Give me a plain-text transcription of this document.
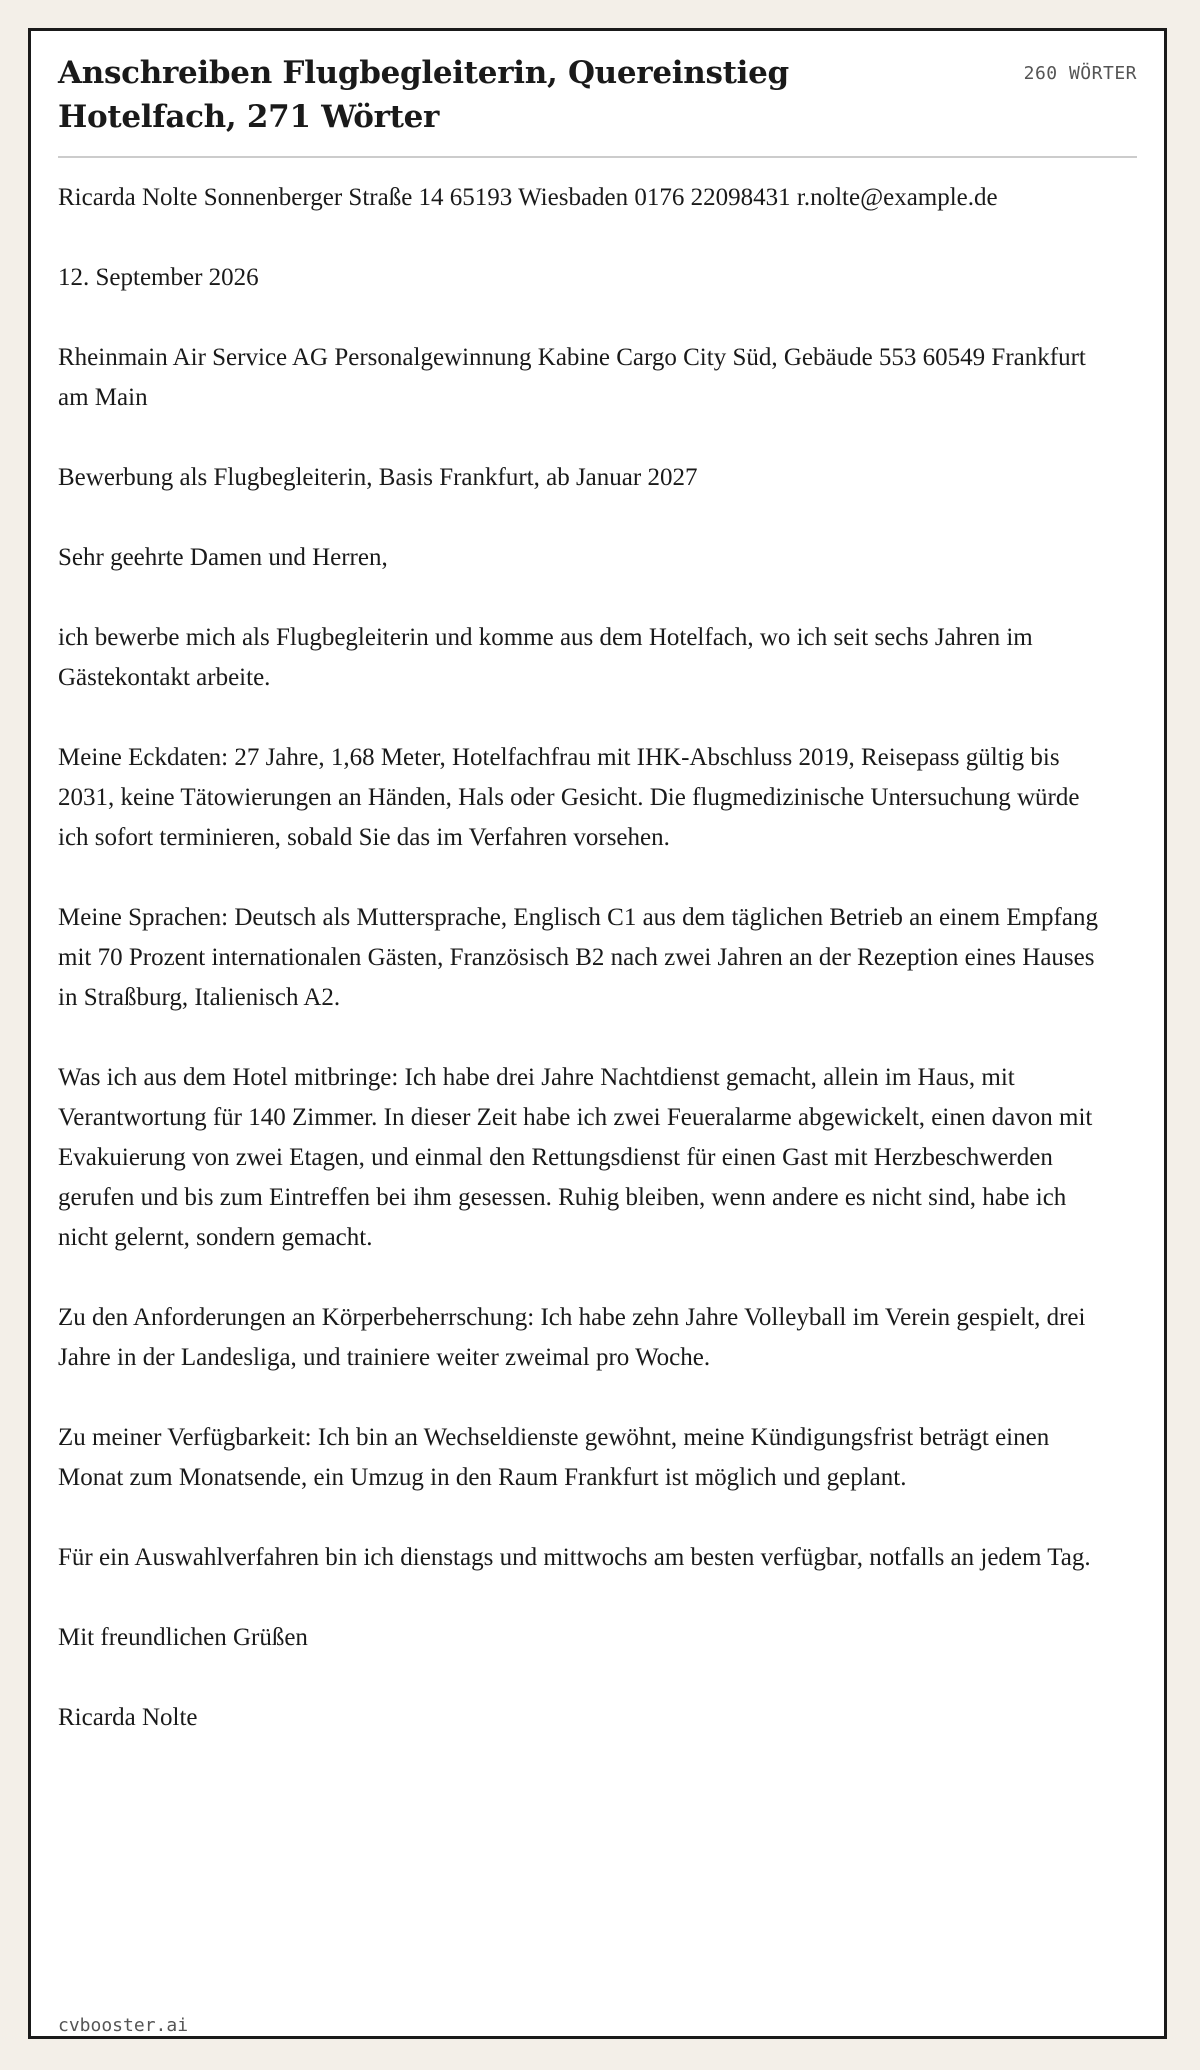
Anschreiben Flugbegleiterin, Quereinstieg Hotelfach, 271 Wörter
260 WÖRTER

Ricarda Nolte Sonnenberger Straße 14 65193 Wiesbaden 0176 22098431 r.nolte@example.de

12. September 2026

Rheinmain Air Service AG Personalgewinnung Kabine Cargo City Süd, Gebäude 553 60549 Frankfurt am Main

Bewerbung als Flugbegleiterin, Basis Frankfurt, ab Januar 2027

Sehr geehrte Damen und Herren,

ich bewerbe mich als Flugbegleiterin und komme aus dem Hotelfach, wo ich seit sechs Jahren im Gästekontakt arbeite.

Meine Eckdaten: 27 Jahre, 1,68 Meter, Hotelfachfrau mit IHK-Abschluss 2019, Reisepass gültig bis 2031, keine Tätowierungen an Händen, Hals oder Gesicht. Die flugmedizinische Untersuchung würde ich sofort terminieren, sobald Sie das im Verfahren vorsehen.

Meine Sprachen: Deutsch als Muttersprache, Englisch C1 aus dem täglichen Betrieb an einem Empfang mit 70 Prozent internationalen Gästen, Französisch B2 nach zwei Jahren an der Rezeption eines Hauses in Straßburg, Italienisch A2.

Was ich aus dem Hotel mitbringe: Ich habe drei Jahre Nachtdienst gemacht, allein im Haus, mit Verantwortung für 140 Zimmer. In dieser Zeit habe ich zwei Feueralarme abgewickelt, einen davon mit Evakuierung von zwei Etagen, und einmal den Rettungsdienst für einen Gast mit Herzbeschwerden gerufen und bis zum Eintreffen bei ihm gesessen. Ruhig bleiben, wenn andere es nicht sind, habe ich nicht gelernt, sondern gemacht.

Zu den Anforderungen an Körperbeherrschung: Ich habe zehn Jahre Volleyball im Verein gespielt, drei Jahre in der Landesliga, und trainiere weiter zweimal pro Woche.

Zu meiner Verfügbarkeit: Ich bin an Wechseldienste gewöhnt, meine Kündigungsfrist beträgt einen Monat zum Monatsende, ein Umzug in den Raum Frankfurt ist möglich und geplant.

Für ein Auswahlverfahren bin ich dienstags und mittwochs am besten verfügbar, notfalls an jedem Tag.

Mit freundlichen Grüßen

Ricarda Nolte

cvbooster.ai
